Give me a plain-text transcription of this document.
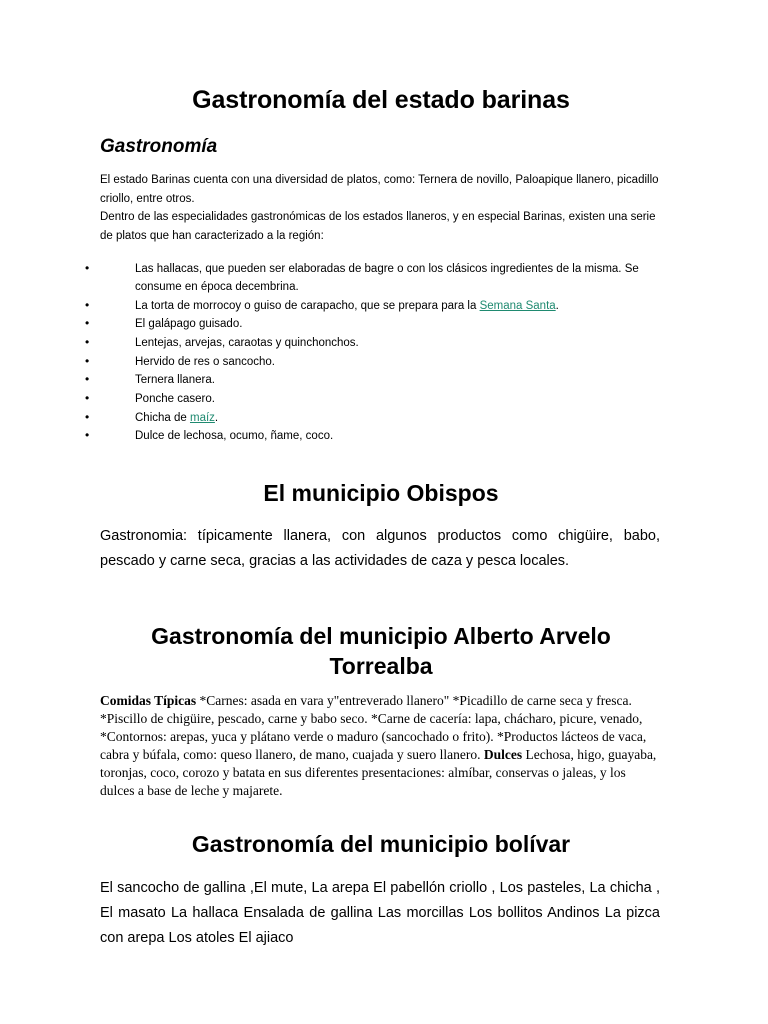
Gastronomía del estado barinas
Gastronomía

El estado Barinas cuenta con una diversidad de platos, como: Ternera de novillo, Paloapique llanero, picadillo criollo, entre otros.

Dentro de las especialidades gastronómicas de los estados llaneros, y en especial Barinas, existen una serie de platos que han caracterizado a la región:

• Las hallacas, que pueden ser elaboradas de bagre o con los clásicos ingredientes de la misma. Se consume en época decembrina.
• La torta de morrocoy o guiso de carapacho, que se prepara para la Semana Santa.
• El galápago guisado.
• Lentejas, arvejas, caraotas y quinchonchos.
• Hervido de res o sancocho.
• Ternera llanera.
• Ponche casero.
• Chicha de maíz.
• Dulce de lechosa, ocumo, ñame, coco.
El municipio Obispos

Gastronomia: típicamente llanera, con algunos productos como chigüire, babo, pescado y carne seca, gracias a las actividades de caza y pesca locales.

Gastronomía del municipio Alberto Arvelo Torrealba

Comidas Típicas *Carnes: asada en vara y"entreverado llanero" *Picadillo de carne seca y fresca. *Piscillo de chigüire, pescado, carne y babo seco. *Carne de cacería: lapa, chácharo, picure, venado, *Contornos: arepas, yuca y plátano verde o maduro (sancochado o frito). *Productos lácteos de vaca, cabra y búfala, como: queso llanero, de mano, cuajada y suero llanero. Dulces Lechosa, higo, guayaba, toronjas, coco, corozo y batata en sus diferentes presentaciones: almíbar, conservas o jaleas, y los dulces a base de leche y majarete.

Gastronomía del municipio bolívar

El sancocho de gallina ,El mute, La arepa El pabellón criollo , Los pasteles, La chicha , El masato La hallaca Ensalada de gallina Las morcillas Los bollitos Andinos La pizca con arepa Los atoles El ajiaco
